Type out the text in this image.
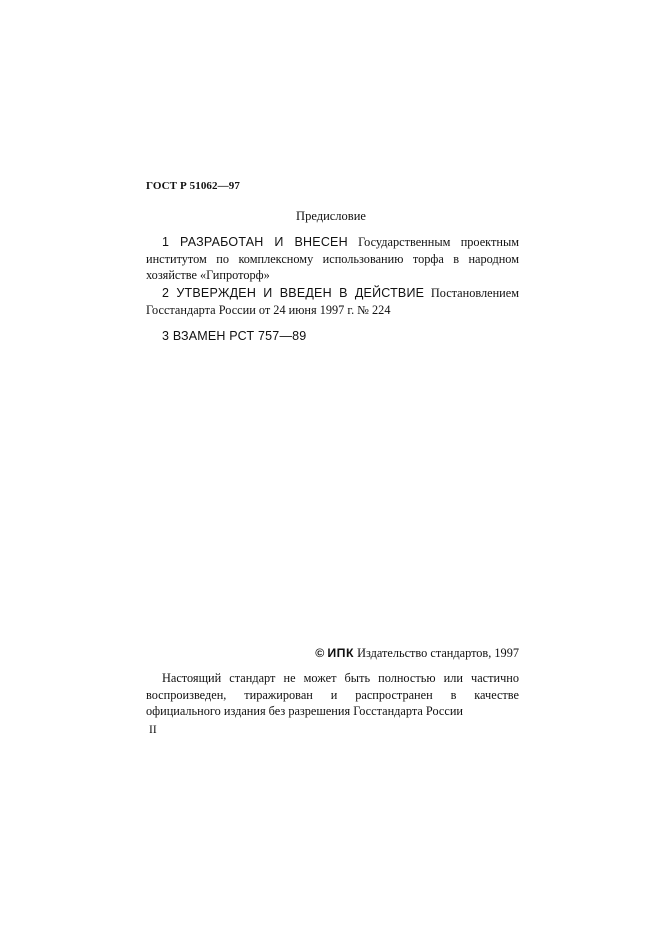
ГОСТ Р 51062—97
Предисловие
1 РАЗРАБОТАН И ВНЕСЕН Государственным проектным институтом по комплексному использованию торфа в народном хозяйстве «Гипроторф»
2 УТВЕРЖДЕН И ВВЕДЕН В ДЕЙСТВИЕ Постановлением Госстандарта России от 24 июня 1997 г. № 224
3 ВЗАМЕН РСТ 757—89
© ИПК Издательство стандартов, 1997
Настоящий стандарт не может быть полностью или частично воспроизведен, тиражирован и распространен в качестве официального издания без разрешения Госстандарта России
II
